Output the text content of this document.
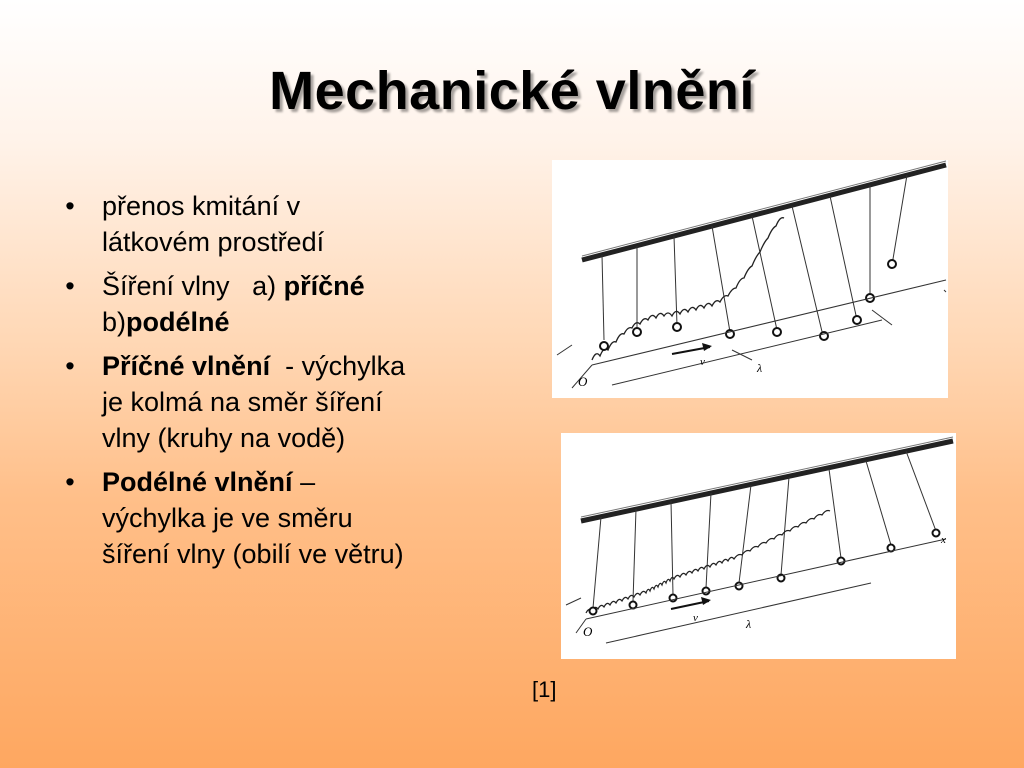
Mechanické vlnění
• přenos kmitání v
látkovém prostředí
• Šíření vlny a) příčné
b)podélné
• Příčné vlnění - výchylka
je kolmá na směr šíření
vlny (kruhy na vodě)
• Podélné vlnění –
výchylka je ve směru
šíření vlny (obilí ve větru)
v
O
λ
v
O	λ
x
[1]
